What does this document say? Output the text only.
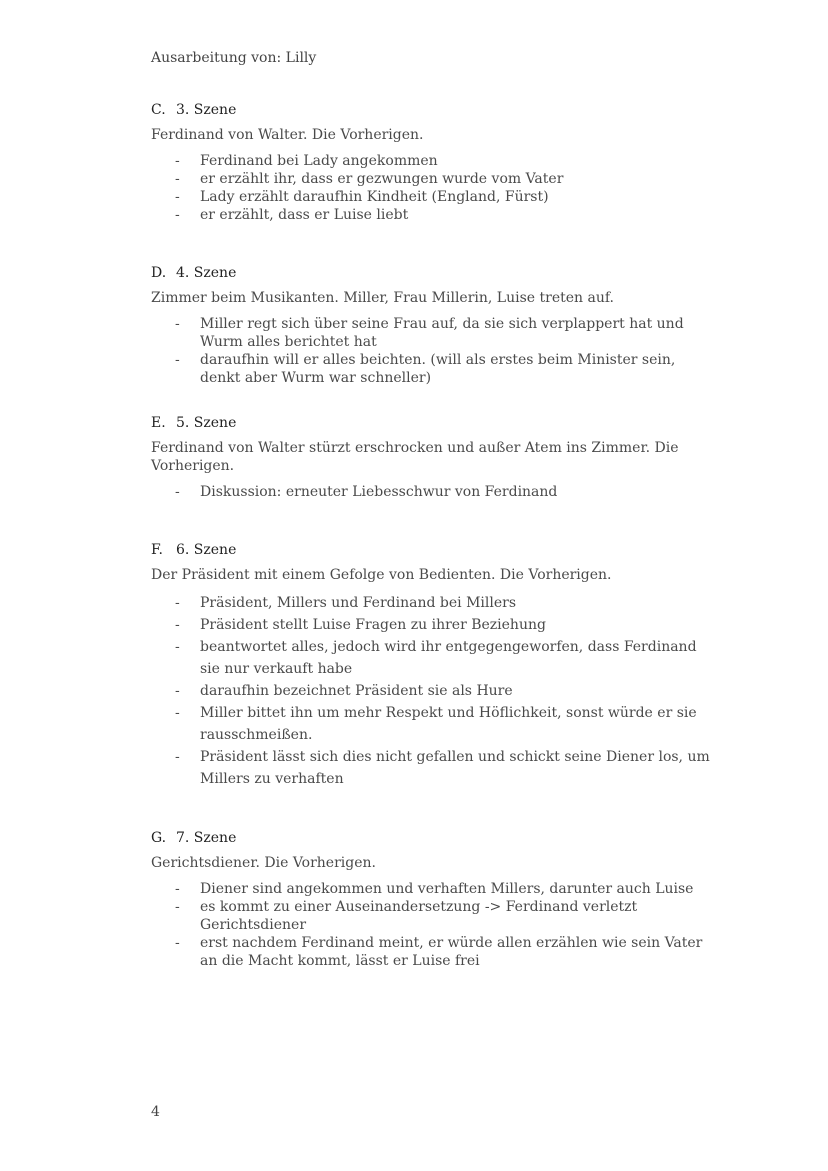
Ausarbeitung von: Lilly

C. 3. Szene

Ferdinand von Walter. Die Vorherigen.

- Ferdinand bei Lady angekommen
- er erzählt ihr, dass er gezwungen wurde vom Vater
- Lady erzählt daraufhin Kindheit (England, Fürst)
- er erzählt, dass er Luise liebt

D. 4. Szene

Zimmer beim Musikanten. Miller, Frau Millerin, Luise treten auf.

- Miller regt sich über seine Frau auf, da sie sich verplappert hat und Wurm alles berichtet hat
- daraufhin will er alles beichten. (will als erstes beim Minister sein, denkt aber Wurm war schneller)

E. 5. Szene

Ferdinand von Walter stürzt erschrocken und außer Atem ins Zimmer. Die Vorherigen.

- Diskussion: erneuter Liebesschwur von Ferdinand

F. 6. Szene

Der Präsident mit einem Gefolge von Bedienten. Die Vorherigen.

- Präsident, Millers und Ferdinand bei Millers
- Präsident stellt Luise Fragen zu ihrer Beziehung
- beantwortet alles, jedoch wird ihr entgegengeworfen, dass Ferdinand sie nur verkauft habe
- daraufhin bezeichnet Präsident sie als Hure
- Miller bittet ihn um mehr Respekt und Höflichkeit, sonst würde er sie rausschmeißen.
- Präsident lässt sich dies nicht gefallen und schickt seine Diener los, um Millers zu verhaften

G. 7. Szene

Gerichtsdiener. Die Vorherigen.

- Diener sind angekommen und verhaften Millers, darunter auch Luise
- es kommt zu einer Auseinandersetzung -> Ferdinand verletzt Gerichtsdiener
- erst nachdem Ferdinand meint, er würde allen erzählen wie sein Vater an die Macht kommt, lässt er Luise frei
4
